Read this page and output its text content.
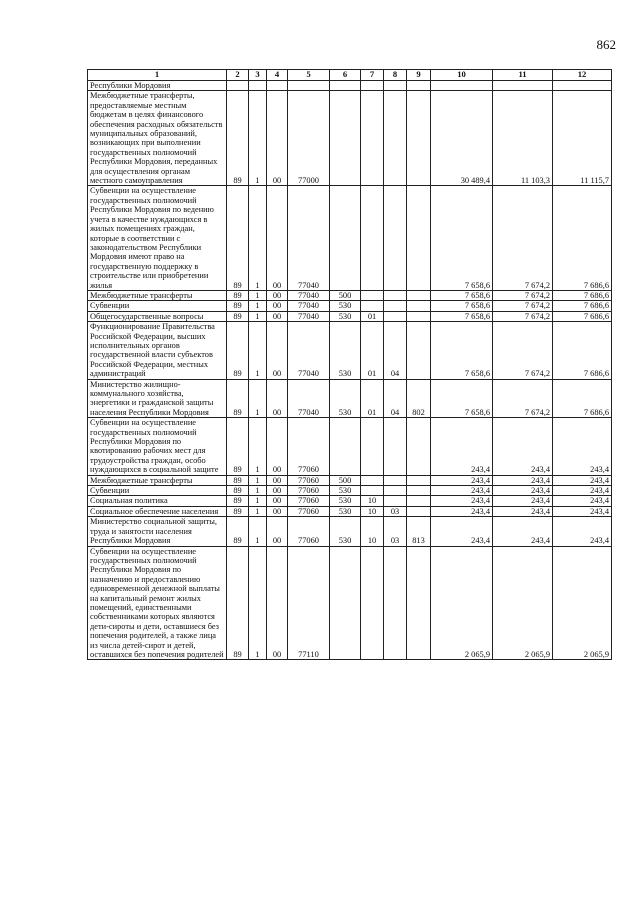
862
1	2	3	4	5	6	7	8	9	10	11	12
Республики Мордовия											
Межбюджетные трансферты, предоставляемые местным бюджетам в целях финансового обеспечения расходных обязательств муниципальных образований, возникающих при выполнении государственных полномочий Республики Мордовия, переданных для осуществления органам местного самоуправления	89	1	00	77000					30 489,4	11 103,3	11 115,7
Субвенции на осуществление государственных полномочий Республики Мордовия по ведению учета в качестве нуждающихся в жилых помещениях граждан, которые в соответствии с законодательством Республики Мордовия имеют право на государственную поддержку в строительстве или приобретении жилья	89	1	00	77040					7 658,6	7 674,2	7 686,6
Межбюджетные трансферты	89	1	00	77040	500				7 658,6	7 674,2	7 686,6
Субвенции	89	1	00	77040	530				7 658,6	7 674,2	7 686,6
Общегосударственные вопросы	89	1	00	77040	530	01			7 658,6	7 674,2	7 686,6
Функционирование Правительства Российской Федерации, высших исполнительных органов государственной власти субъектов Российской Федерации, местных администраций	89	1	00	77040	530	01	04		7 658,6	7 674,2	7 686,6
Министерство жилищно-коммунального хозяйства, энергетики и гражданской защиты населения Республики Мордовия	89	1	00	77040	530	01	04	802	7 658,6	7 674,2	7 686,6
Субвенции на осуществление государственных полномочий Республики Мордовия по квотированию рабочих мест для трудоустройства граждан, особо нуждающихся в социальной защите	89	1	00	77060					243,4	243,4	243,4
Межбюджетные трансферты	89	1	00	77060	500				243,4	243,4	243,4
Субвенции	89	1	00	77060	530				243,4	243,4	243,4
Социальная политика	89	1	00	77060	530	10			243,4	243,4	243,4
Социальное обеспечение населения	89	1	00	77060	530	10	03		243,4	243,4	243,4
Министерство социальной защиты, труда и занятости населения Республики Мордовия	89	1	00	77060	530	10	03	813	243,4	243,4	243,4
Субвенции на осуществление государственных полномочий Республики Мордовия по назначению и предоставлению единовременной денежной выплаты на капитальный ремонт жилых помещений, единственными собственниками которых являются дети-сироты и дети, оставшиеся без попечения родителей, а также лица из числа детей-сирот и детей, оставшихся без попечения родителей	89	1	00	77110					2 065,9	2 065,9	2 065,9
